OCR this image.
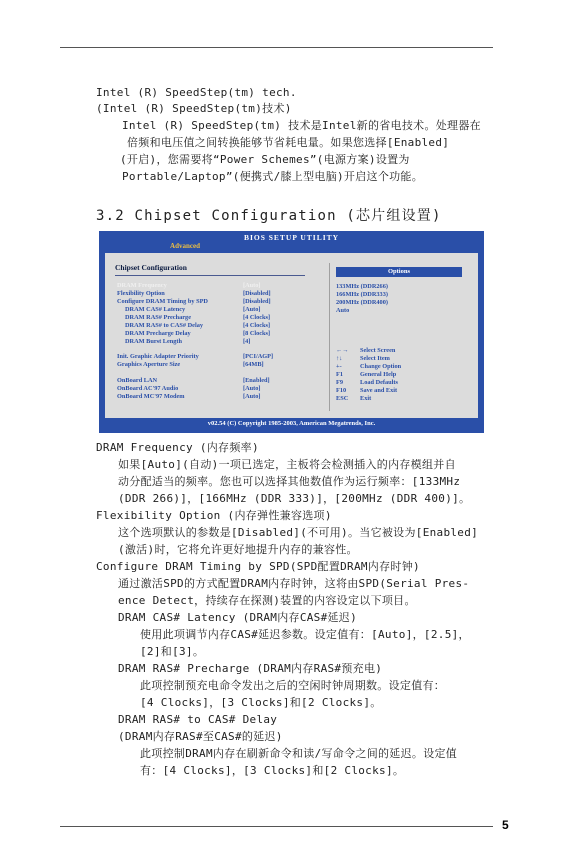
Intel (R) SpeedStep(tm) tech.
(Intel (R) SpeedStep(tm)技术)
Intel (R) SpeedStep(tm) 技术是Intel新的省电技术。处理器在
倍频和电压值之间转换能够节省耗电量。如果您选择[Enabled]
(开启)，您需要将“Power Schemes”(电源方案)设置为
Portable/Laptop”(便携式/膝上型电脑)开启这个功能。
3.2 Chipset Configuration (芯片组设置)
BIOS SETUP UTILITY
Advanced
Chipset Configuration
DRAM Frequency	[Auto]
Flexibility Option	[Disabled]
Configure DRAM Timing by SPD	[Disabled]
DRAM CAS# Latency	[Auto]
DRAM RAS# Precharge	[4 Clocks]
DRAM RAS# to CAS# Delay	[4 Clocks]
DRAM Precharge Delay	[8 Clocks]
DRAM Burst Length	[4]
Init. Graphic Adapter Priority	[PCI/AGP]
Graphics Aperture Size	[64MB]
OnBoard LAN	[Enabled]
OnBoard AC'97 Audio	[Auto]
OnBoard MC'97 Modem	[Auto]
Options
133MHz (DDR266)
166MHz (DDR333)
200MHz (DDR400)
Auto
←→ Select Screen
↑↓	Select Item
+-	Change Option
F1	General Help
F9	Load Defaults
F10 Save and Exit
ESC Exit
v02.54 (C) Copyright 1985-2003, American Megatrends, Inc.
DRAM Frequency (内存频率)
如果[Auto](自动)一项已选定，主板将会检测插入的内存模组并自
动分配适当的频率。您也可以选择其他数值作为运行频率：[133MHz
(DDR 266)]，[166MHz (DDR 333)]，[200MHz (DDR 400)]。
Flexibility Option (内存弹性兼容选项)
这个选项默认的参数是[Disabled](不可用)。当它被设为[Enabled]
(激活)时，它将允许更好地提升内存的兼容性。
Configure DRAM Timing by SPD(SPD配置DRAM内存时钟)
通过激活SPD的方式配置DRAM内存时钟，这将由SPD(Serial Pres-
ence Detect，持续存在探测)装置的内容设定以下项目。
DRAM CAS# Latency (DRAM内存CAS#延迟)
使用此项调节内存CAS#延迟参数。设定值有：[Auto]，[2.5]，
[2]和[3]。
DRAM RAS# Precharge (DRAM内存RAS#预充电)
此项控制预充电命令发出之后的空闲时钟周期数。设定值有：
[4 Clocks]，[3 Clocks]和[2 Clocks]。
DRAM RAS# to CAS# Delay
(DRAM内存RAS#至CAS#的延迟)
此项控制DRAM内存在刷新命令和读/写命令之间的延迟。设定值
有：[4 Clocks]，[3 Clocks]和[2 Clocks]。
5
